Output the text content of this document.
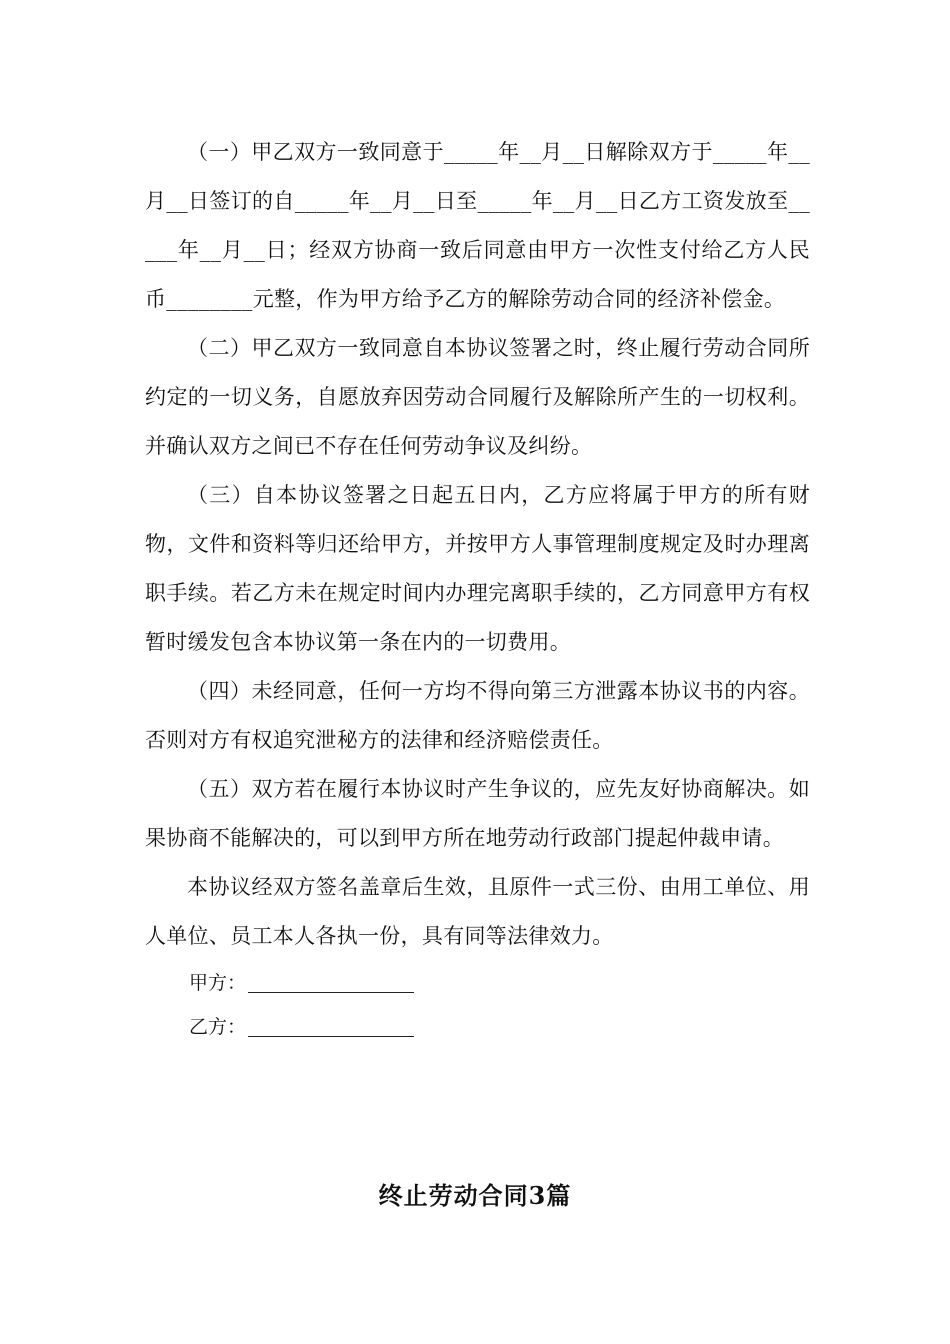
（一）甲乙双方一致同意于_____年__月__日解除双方于_____年__月__日签订的自_____年__月__日至_____年__月__日乙方工资发放至_____年__月__日；经双方协商一致后同意由甲方一次性支付给乙方人民币________元整，作为甲方给予乙方的解除劳动合同的经济补偿金。

（二）甲乙双方一致同意自本协议签署之时，终止履行劳动合同所约定的一切义务，自愿放弃因劳动合同履行及解除所产生的一切权利。并确认双方之间已不存在任何劳动争议及纠纷。

（三）自本协议签署之日起五日内，乙方应将属于甲方的所有财物，文件和资料等归还给甲方，并按甲方人事管理制度规定及时办理离职手续。若乙方未在规定时间内办理完离职手续的，乙方同意甲方有权暂时缓发包含本协议第一条在内的一切费用。

（四）未经同意，任何一方均不得向第三方泄露本协议书的内容。否则对方有权追究泄秘方的法律和经济赔偿责任。

（五）双方若在履行本协议时产生争议的，应先友好协商解决。如果协商不能解决的，可以到甲方所在地劳动行政部门提起仲裁申请。

本协议经双方签名盖章后生效，且原件一式三份、由用工单位、用人单位、员工本人各执一份，具有同等法律效力。

甲方：

乙方：

终止劳动合同3篇
